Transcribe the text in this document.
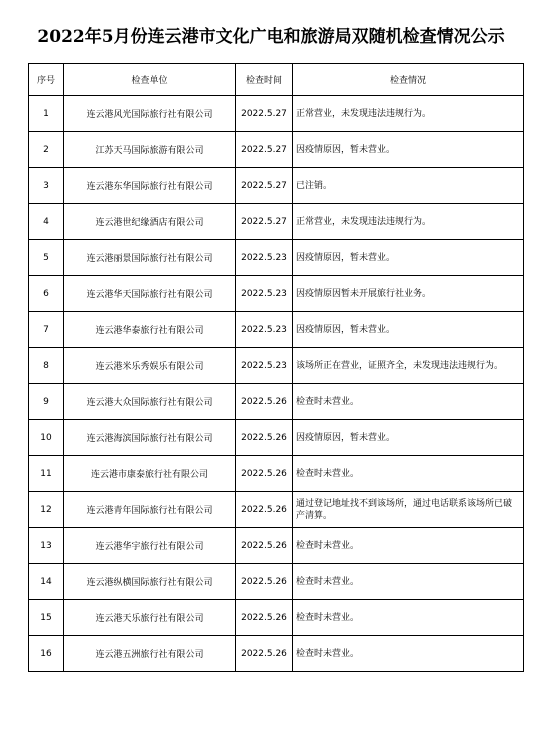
2022年5月份连云港市文化广电和旅游局双随机检查情况公示
序号	检查单位	检查时间	检查情况
1	连云港风光国际旅行社有限公司	2022.5.27	正常营业，未发现违法违规行为。
2	江苏天马国际旅游有限公司	2022.5.27	因疫情原因，暂未营业。
3	连云港东华国际旅行社有限公司	2022.5.27	已注销。
4	连云港世纪缘酒店有限公司	2022.5.27	正常营业，未发现违法违规行为。
5	连云港丽景国际旅行社有限公司	2022.5.23	因疫情原因，暂未营业。
6	连云港华天国际旅行社有限公司	2022.5.23	因疫情原因暂未开展旅行社业务。
7	连云港华泰旅行社有限公司	2022.5.23	因疫情原因，暂未营业。
8	连云港米乐秀娱乐有限公司	2022.5.23	该场所正在营业，证照齐全，未发现违法违规行为。
9	连云港大众国际旅行社有限公司	2022.5.26	检查时未营业。
10	连云港海滨国际旅行社有限公司	2022.5.26	因疫情原因，暂未营业。
11	连云港市康泰旅行社有限公司	2022.5.26	检查时未营业。
12	连云港青年国际旅行社有限公司	2022.5.26	通过登记地址找不到该场所，通过电话联系该场所已破产清算。
13	连云港华宇旅行社有限公司	2022.5.26	检查时未营业。
14	连云港纵横国际旅行社有限公司	2022.5.26	检查时未营业。
15	连云港天乐旅行社有限公司	2022.5.26	检查时未营业。
16	连云港五洲旅行社有限公司	2022.5.26	检查时未营业。
